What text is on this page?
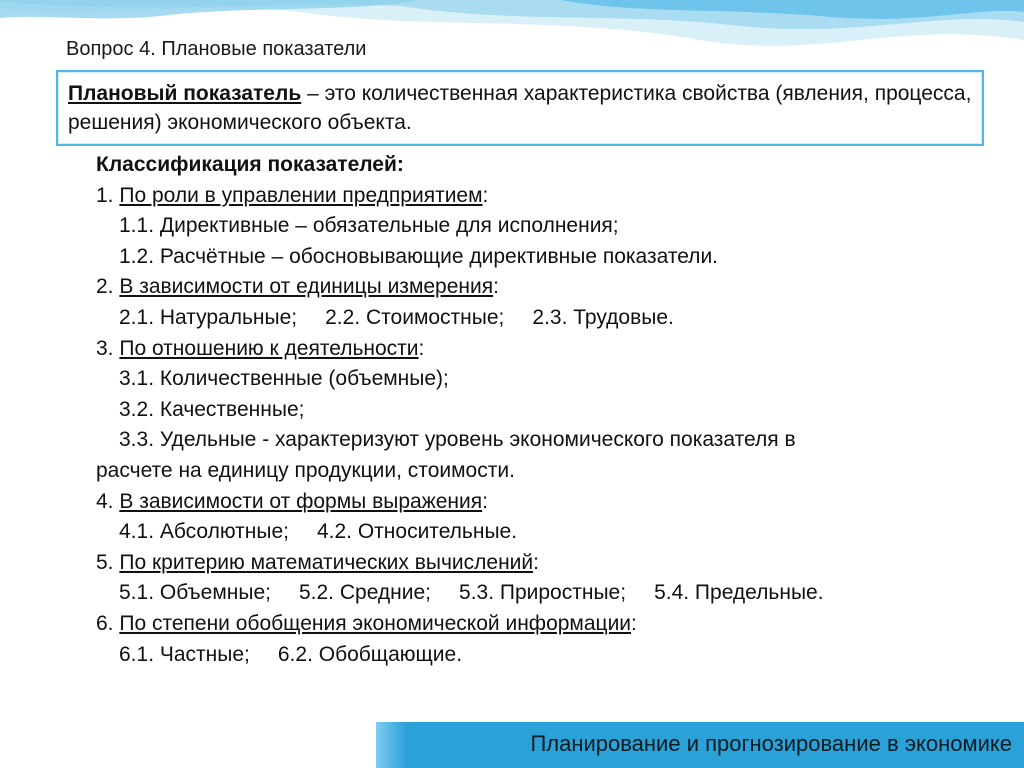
Вопрос 4. Плановые показатели
Плановый показатель – это количественная характеристика свойства (явления, процесса, решения) экономического объекта.
Классификация показателей:
1. По роли в управлении предприятием:
1.1. Директивные – обязательные для исполнения;
1.2. Расчётные – обосновывающие директивные показатели.
2. В зависимости от единицы измерения:
2.1. Натуральные; 2.2. Стоимостные; 2.3. Трудовые.
3. По отношению к деятельности:
3.1. Количественные (объемные);
3.2. Качественные;
3.3. Удельные - характеризуют уровень экономического показателя в
расчете на единицу продукции, стоимости.
4. В зависимости от формы выражения:
4.1. Абсолютные; 4.2. Относительные.
5. По критерию математических вычислений:
5.1. Объемные; 5.2. Средние; 5.3. Приростные; 5.4. Предельные.
6. По степени обобщения экономической информации:
6.1. Частные; 6.2. Обобщающие.
Планирование и прогнозирование в экономике
